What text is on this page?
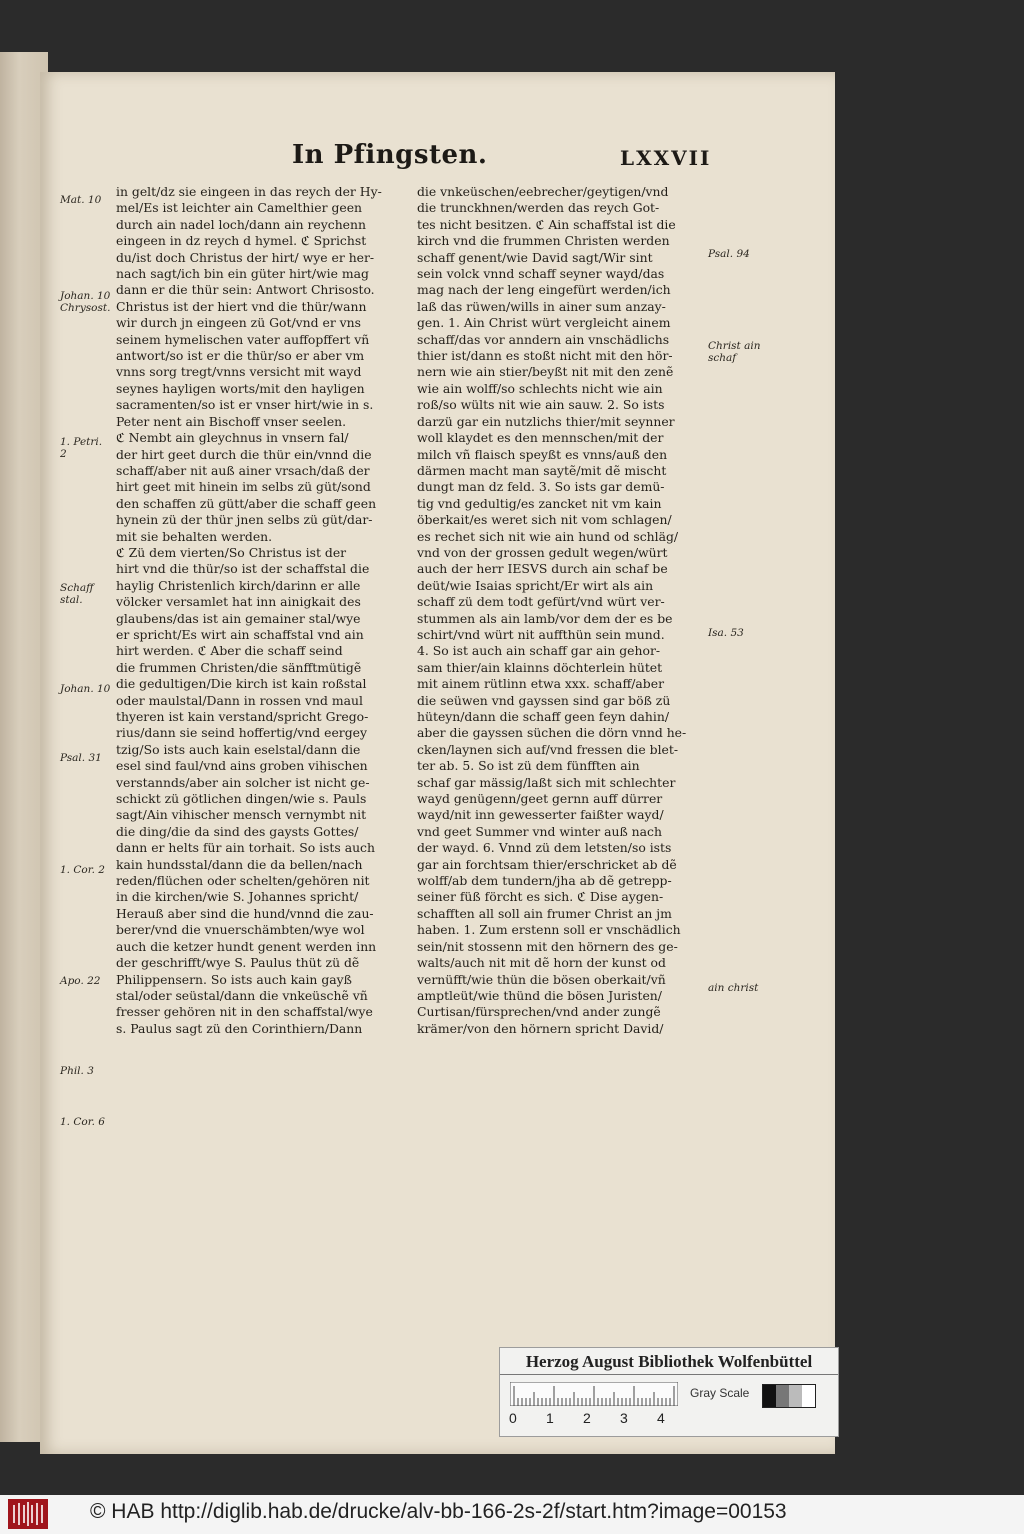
In Pfingsten.	LXXVII
in gelt/dz sie eingeen in das reych der Hy-
mel/Es ist leichter ain Camelthier geen
durch ain nadel loch/dann ain reychenn
eingeen in dz reych d hymel. ℭ Sprichst
du/ist doch Christus der hirt/ wye er her-
nach sagt/ich bin ein güter hirt/wie mag
dann er die thür sein: Antwort Chrisosto.
Christus ist der hiert vnd die thür/wann
wir durch jn eingeen zü Got/vnd er vns
seinem hymelischen vater auffopffert vñ
antwort/so ist er die thür/so er aber vm
vnns sorg tregt/vnns versicht mit wayd
seynes hayligen worts/mit den hayligen
sacramenten/so ist er vnser hirt/wie in s.
Peter nent ain Bischoff vnser seelen.
ℭ Nembt ain gleychnus in vnsern fal/
der hirt geet durch die thür ein/vnnd die
schaff/aber nit auß ainer vrsach/daß der
hirt geet mit hinein im selbs zü güt/sond
den schaffen zü gütt/aber die schaff geen
hynein zü der thür jnen selbs zü güt/dar-
mit sie behalten werden.
ℭ Zü dem vierten/So Christus ist der
hirt vnd die thür/so ist der schaffstal die
haylig Christenlich kirch/darinn er alle
völcker versamlet hat inn ainigkait des
glaubens/das ist ain gemainer stal/wye
er spricht/Es wirt ain schaffstal vnd ain
hirt werden. ℭ Aber die schaff seind
die frummen Christen/die sänfftmütigẽ
die gedultigen/Die kirch ist kain roßstal
oder maulstal/Dann in rossen vnd maul
thyeren ist kain verstand/spricht Grego-
rius/dann sie seind hoffertig/vnd eergey
tzig/So ists auch kain eselstal/dann die
esel sind faul/vnd ains groben vihischen
verstannds/aber ain solcher ist nicht ge-
schickt zü götlichen dingen/wie s. Pauls
sagt/Ain vihischer mensch vernymbt nit
die ding/die da sind des gaysts Gottes/
dann er helts für ain torhait. So ists auch
kain hundsstal/dann die da bellen/nach
reden/flüchen oder schelten/gehören nit
in die kirchen/wie S. Johannes spricht/
Herauß aber sind die hund/vnnd die zau-
berer/vnd die vnuerschämbten/wye wol
auch die ketzer hundt genent werden inn
der geschrifft/wye S. Paulus thüt zü dẽ
Philippensern. So ists auch kain gayß
stal/oder seüstal/dann die vnkeüschẽ vñ
fresser gehören nit in den schaffstal/wye
s. Paulus sagt zü den Corinthiern/Dann
die vnkeüschen/eebrecher/geytigen/vnd
die trunckhnen/werden das reych Got-
tes nicht besitzen. ℭ Ain schaffstal ist die
kirch vnd die frummen Christen werden
schaff genent/wie David sagt/Wir sint
sein volck vnnd schaff seyner wayd/das
mag nach der leng eingefürt werden/ich
laß das rüwen/wills in ainer sum anzay-
gen. 1. Ain Christ würt vergleicht ainem
schaff/das vor anndern ain vnschädlichs
thier ist/dann es stoßt nicht mit den hör-
nern wie ain stier/beyßt nit mit den zenẽ
wie ain wolff/so schlechts nicht wie ain
roß/so wülts nit wie ain sauw. 2. So ists
darzü gar ein nutzlichs thier/mit seynner
woll klaydet es den mennschen/mit der
milch vñ flaisch speyßt es vnns/auß den
därmen macht man saytẽ/mit dẽ mischt
dungt man dz feld. 3. So ists gar demü-
tig vnd gedultig/es zancket nit vm kain
öberkait/es weret sich nit vom schlagen/
es rechet sich nit wie ain hund od schläg/
vnd von der grossen gedult wegen/würt
auch der herr IESVS durch ain schaf be
deüt/wie Isaias spricht/Er wirt als ain
schaff zü dem todt gefürt/vnd würt ver-
stummen als ain lamb/vor dem der es be
schirt/vnd würt nit auffthün sein mund.
4. So ist auch ain schaff gar ain gehor-
sam thier/ain klainns döchterlein hütet
mit ainem rütlinn etwa xxx. schaff/aber
die seüwen vnd gayssen sind gar böß zü
hüteyn/dann die schaff geen feyn dahin/
aber die gayssen süchen die dörn vnnd he-
cken/laynen sich auf/vnd fressen die blet-
ter ab. 5. So ist zü dem fünfften ain
schaf gar mässig/laßt sich mit schlechter
wayd genügenn/geet gernn auff dürrer
wayd/nit inn gewesserter faißter wayd/
vnd geet Summer vnd winter auß nach
der wayd. 6. Vnnd zü dem letsten/so ists
gar ain forchtsam thier/erschricket ab dẽ
wolff/ab dem tundern/jha ab dẽ getrepp-
seiner füß förcht es sich. ℭ Dise aygen-
schafften all soll ain frumer Christ an jm
haben. 1. Zum erstenn soll er vnschädlich
sein/nit stossenn mit den hörnern des ge-
walts/auch nit mit dẽ horn der kunst od
vernüfft/wie thün die bösen oberkait/vñ
amptleüt/wie thünd die bösen Juristen/
Curtisan/fürsprechen/vnd ander zungẽ
krämer/von den hörnern spricht David/
Mat. 10
Johan. 10 Chrysost.
1. Petri. 2
Schaff stal.
Johan. 10
Psal. 31
1. Cor. 2
Apo. 22
Phil. 3
1. Cor. 6
Psal. 94
Christ ain schaf
Isa. 53
ain christ
Herzog August Bibliothek Wolfenbüttel
0 1 2 3 4
Gray Scale
© HAB http://diglib.hab.de/drucke/alv-bb-166-2s-2f/start.htm?image=00153
